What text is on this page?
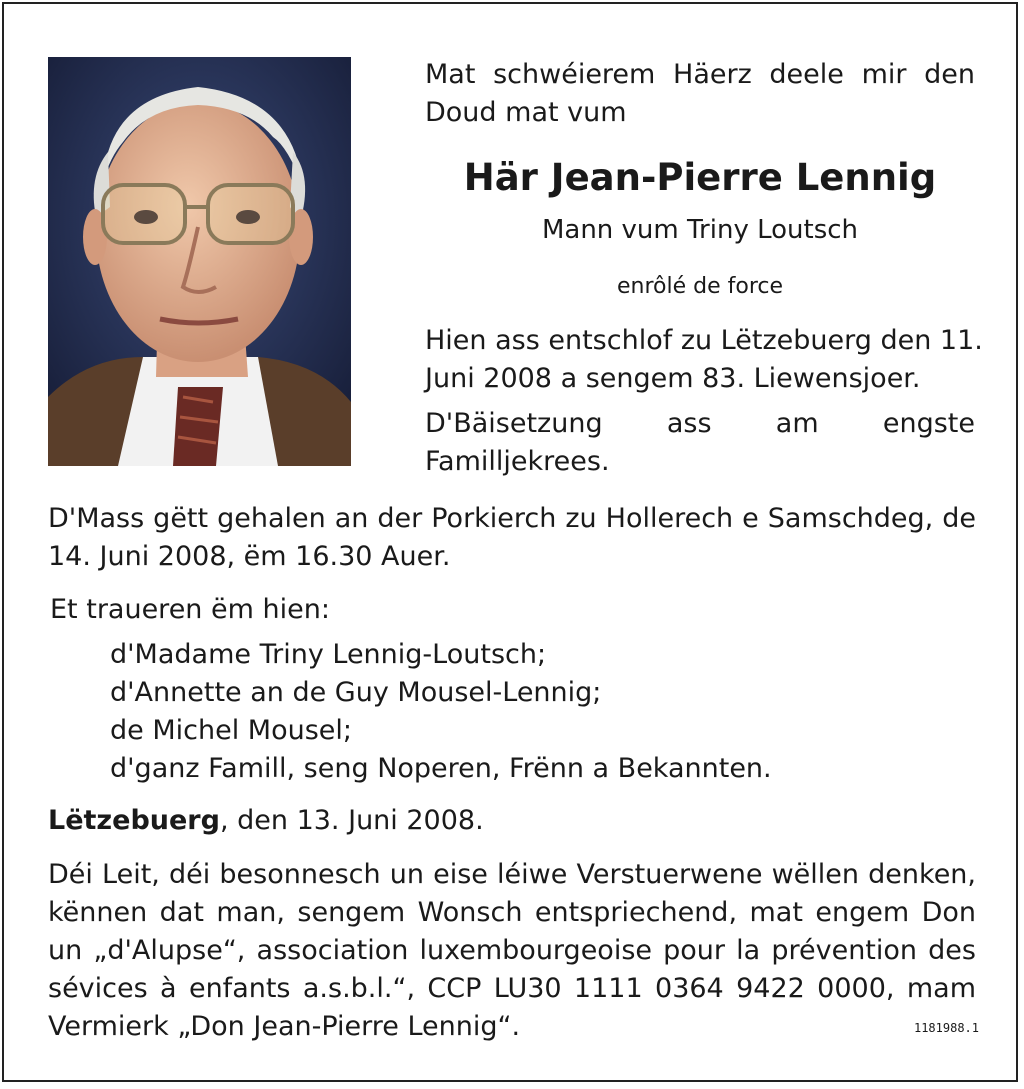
Mat schwéierem Häerz deele mir den
Doud mat vum
Här Jean-Pierre Lennig
Mann vum Triny Loutsch
enrôlé de force
Hien ass entschlof zu Lëtzebuerg den 11.
Juni 2008 a sengem 83. Liewensjoer.
D'Bäisetzung ass am engste
Familljekrees.
D'Mass gëtt gehalen an der Porkierch zu Hollerech e Samschdeg, de
14. Juni 2008, ëm 16.30 Auer.
Et traueren ëm hien:
d'Madame Triny Lennig-Loutsch;
d'Annette an de Guy Mousel-Lennig;
de Michel Mousel;
d'ganz Famill, seng Noperen, Frënn a Bekannten.
Lëtzebuerg, den 13. Juni 2008.
Déi Leit, déi besonnesch un eise léiwe Verstuerwene wëllen denken,
kënnen dat man, sengem Wonsch entspriechend, mat engem Don
un „d'Alupse“, association luxembourgeoise pour la prévention des
sévices à enfants a.s.b.l.“, CCP LU30 1111 0364 9422 0000, mam
Vermierk „Don Jean-Pierre Lennig“.	1181988.1
